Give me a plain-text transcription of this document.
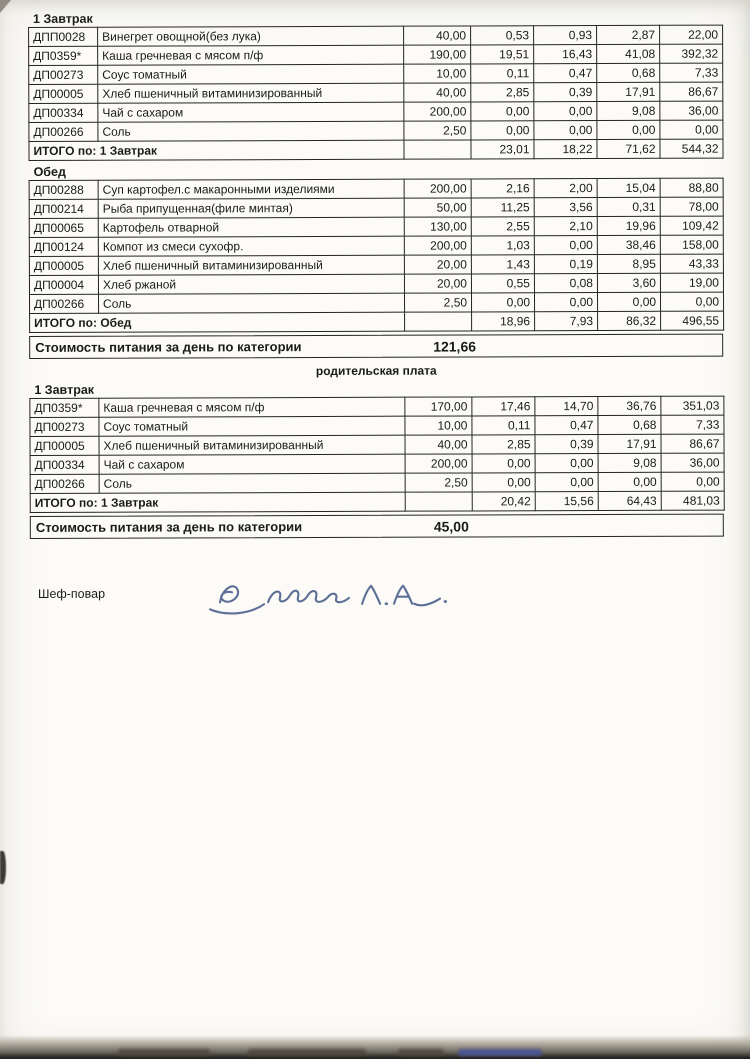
1 Завтрак
ДПП0028	Винегрет овощной(без лука)	40,00	0,53	0,93	2,87	22,00
ДП0359*	Каша гречневая с мясом п/ф	190,00	19,51	16,43	41,08	392,32
ДП00273	Соус томатный	10,00	0,11	0,47	0,68	7,33
ДП00005	Хлеб пшеничный витаминизированный	40,00	2,85	0,39	17,91	86,67
ДП00334	Чай с сахаром	200,00	0,00	0,00	9,08	36,00
ДП00266	Соль	2,50	0,00	0,00	0,00	0,00
ИТОГО по: 1 Завтрак			23,01	18,22	71,62	544,32
Обед
ДП00288	Суп картофел.с макаронными изделиями	200,00	2,16	2,00	15,04	88,80
ДП00214	Рыба припущенная(филе минтая)	50,00	11,25	3,56	0,31	78,00
ДП00065	Картофель отварной	130,00	2,55	2,10	19,96	109,42
ДП00124	Компот из смеси сухофр.	200,00	1,03	0,00	38,46	158,00
ДП00005	Хлеб пшеничный витаминизированный	20,00	1,43	0,19	8,95	43,33
ДП00004	Хлеб ржаной	20,00	0,55	0,08	3,60	19,00
ДП00266	Соль	2,50	0,00	0,00	0,00	0,00
ИТОГО по: Обед			18,96	7,93	86,32	496,55
Стоимость питания за день по категории	121,66
родительская плата
1 Завтрак
ДП0359*	Каша гречневая с мясом п/ф	170,00	17,46	14,70	36,76	351,03
ДП00273	Соус томатный	10,00	0,11	0,47	0,68	7,33
ДП00005	Хлеб пшеничный витаминизированный	40,00	2,85	0,39	17,91	86,67
ДП00334	Чай с сахаром	200,00	0,00	0,00	9,08	36,00
ДП00266	Соль	2,50	0,00	0,00	0,00	0,00
ИТОГО по: 1 Завтрак			20,42	15,56	64,43	481,03
Стоимость питания за день по категории	45,00
Шеф-повар
